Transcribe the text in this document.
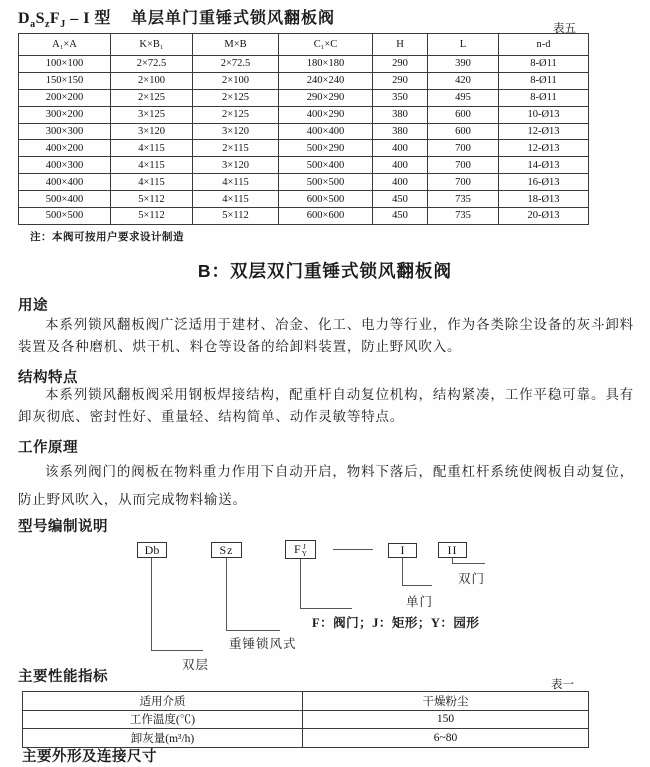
$D_aS_zF_J$ – I 型 单层单门重锤式锁风翻板阀
表五
A₁×A	K×B₁	M×B	C₁×C	H	L	n-d
100×100	2×72.5	2×72.5	180×180	290	390	8-Ø11
150×150	2×100	2×100	240×240	290	420	8-Ø11
200×200	2×125	2×125	290×290	350	495	8-Ø11
300×200	3×125	2×125	400×290	380	600	10-Ø13
300×300	3×120	3×120	400×400	380	600	12-Ø13
400×200	4×115	2×115	500×290	400	700	12-Ø13
400×300	4×115	3×120	500×400	400	700	14-Ø13
400×400	4×115	4×115	500×500	400	700	16-Ø13
500×400	5×112	4×115	600×500	450	735	18-Ø13
500×500	5×112	5×112	600×600	450	735	20-Ø13
注：本阀可按用户要求设计制造
B：双层双门重锤式锁风翻板阀
用途

本系列锁风翻板阀广泛适用于建材、冶金、化工、电力等行业，作为各类除尘设备的灰斗卸料装置及各种磨机、烘干机、料仓等设备的给卸料装置，防止野风吹入。

结构特点

本系列锁风翻板阀采用钢板焊接结构，配重杆自动复位机构，结构紧凑，工作平稳可靠。具有卸灰彻底、密封性好、重量轻、结构简单、动作灵敏等特点。

工作原理

该系列阀门的阀板在物料重力作用下自动开启，物料下落后，配重杠杆系统使阀板自动复位，防止野风吹入，从而完成物料输送。

型号编制说明
Db	Sz	F J
Y	I	II
双门
单门
F：阀门；J：矩形；Y：园形
重锤锁风式
双层
主要性能指标	表一
适用介质	干燥粉尘
工作温度(℃)	150
卸灰量(m³/h)	6~80
主要外形及连接尺寸
